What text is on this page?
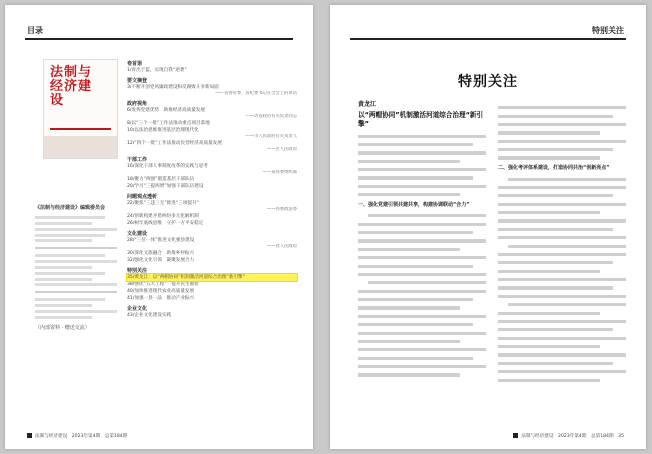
目录
法制与经济建设
《法制与经济建设》编辑委员会
（内部资料 · 赠送交流）
卷首语
1/青出于蓝，实现自我“逆袭”
要文摘登
3/不断开创党风廉政建设和反腐败斗争新局面
——省委常委、省纪委书记在全会上的讲话
政府视角
6/发挥党建优势　助推经济高质量发展
——访省政府有关负责同志
8/以“三个一批”工作法推动重点项目落地
10/以法治思维推进基层治理现代化
——市人民政府有关负责人
12/“四个一批”工作法推动民营经济高质量发展
——区人民政府
干部工作
16/深化干部人事制度改革的实践与思考
——某县委组织部
18/聚力“两强”锻造基层干部队伍
20/学习“三提两增”加强干部队伍建设
问题观点透析
22/聚焦“三违三无”推进“三项提升”
——县委政法委
24/创新构建矛盾纠纷多元化解机制
26/树牢底线思维　守护一方平安稳定
文化建设
28/“三位一体”推进文化强县建设
——县人民政府
30/深化文旅融合　助推乡村振兴
32/强化文化引领　凝聚发展合力
特别关注
35/黄龙江：以“两帽协同”机制激活河道综合治理“新引擎”
38/强化“五大工程”　提升民生福祉
40/加快推进现代农业高质量发展
41/加强一县一品　推动产业振兴
企业文化
43/企业文化建设实践
法制与经济建设　2023年第4期　总第184期
特别关注
特别关注
黄龙江
以“两帽协同”机制激活河道综合治理“新引擎”
一、强化党建引领共建共享，构建协调联动“合力”
二、强化考评体系建设，打造协同共治“创新亮点”
法制与经济建设　2023年第4期　总第184期　35
